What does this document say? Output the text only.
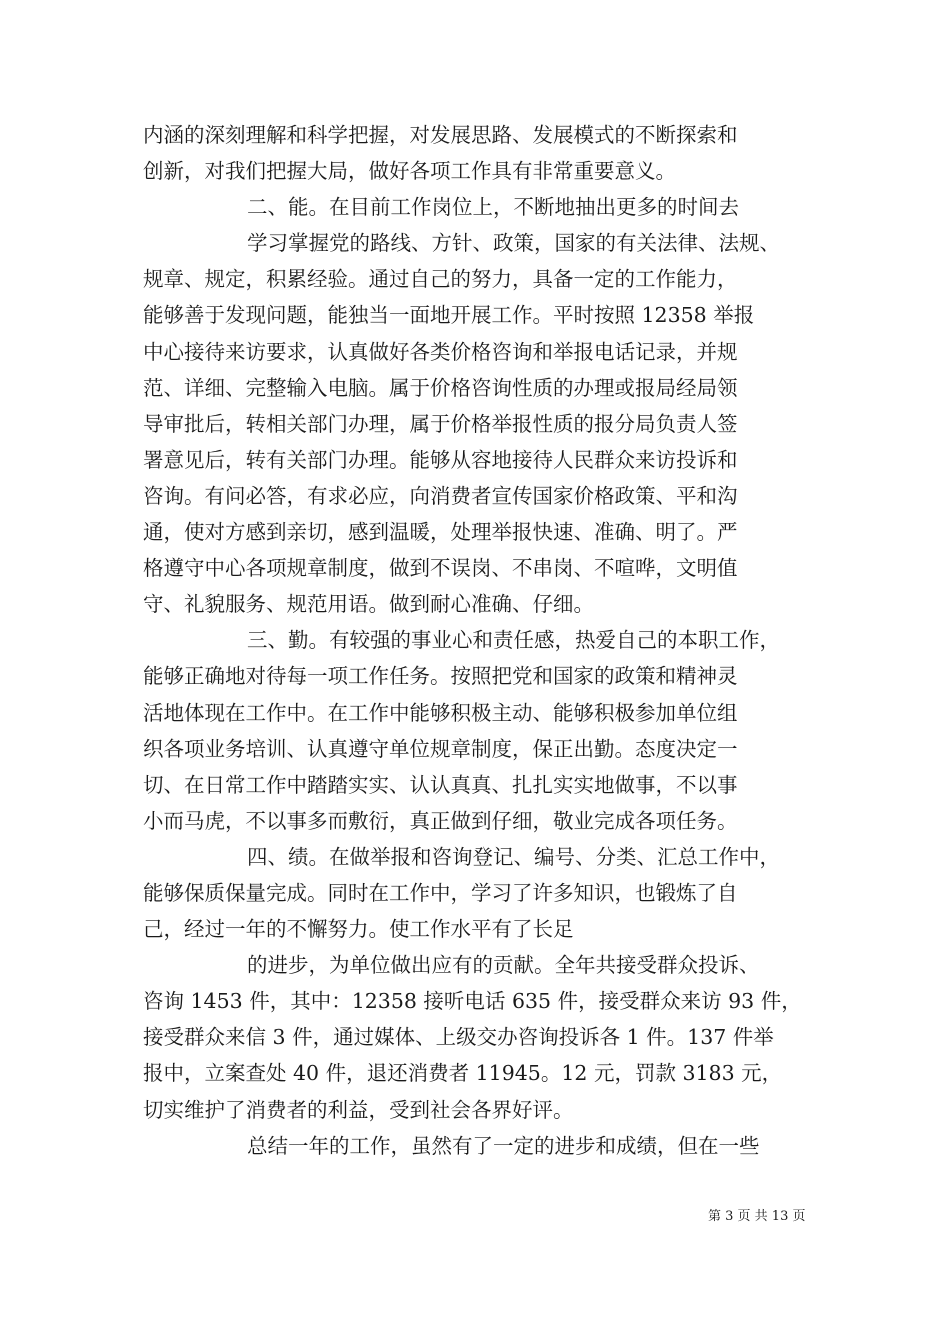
内涵的深刻理解和科学把握，对发展思路、发展模式的不断探索和
创新，对我们把握大局，做好各项工作具有非常重要意义。
二、能。在目前工作岗位上，不断地抽出更多的时间去
学习掌握党的路线、方针、政策，国家的有关法律、法规、
规章、规定，积累经验。通过自己的努力，具备一定的工作能力，
能够善于发现问题，能独当一面地开展工作。平时按照 12358 举报
中心接待来访要求，认真做好各类价格咨询和举报电话记录，并规
范、详细、完整输入电脑。属于价格咨询性质的办理或报局经局领
导审批后，转相关部门办理，属于价格举报性质的报分局负责人签
署意见后，转有关部门办理。能够从容地接待人民群众来访投诉和
咨询。有问必答，有求必应，向消费者宣传国家价格政策、平和沟
通，使对方感到亲切，感到温暖，处理举报快速、准确、明了。严
格遵守中心各项规章制度，做到不误岗、不串岗、不喧哗，文明值
守、礼貌服务、规范用语。做到耐心准确、仔细。
三、勤。有较强的事业心和责任感，热爱自己的本职工作，
能够正确地对待每一项工作任务。按照把党和国家的政策和精神灵
活地体现在工作中。在工作中能够积极主动、能够积极参加单位组
织各项业务培训、认真遵守单位规章制度，保正出勤。态度决定一
切、在日常工作中踏踏实实、认认真真、扎扎实实地做事，不以事
小而马虎，不以事多而敷衍，真正做到仔细，敬业完成各项任务。
四、绩。在做举报和咨询登记、编号、分类、汇总工作中，
能够保质保量完成。同时在工作中，学习了许多知识，也锻炼了自
己，经过一年的不懈努力。使工作水平有了长足
的进步，为单位做出应有的贡献。全年共接受群众投诉、
咨询 1453 件，其中：12358 接听电话 635 件，接受群众来访 93 件，
接受群众来信 3 件，通过媒体、上级交办咨询投诉各 1 件。137 件举
报中，立案查处 40 件，退还消费者 11945。12 元，罚款 3183 元，
切实维护了消费者的利益，受到社会各界好评。
总结一年的工作，虽然有了一定的进步和成绩，但在一些
第 3 页 共 13 页
